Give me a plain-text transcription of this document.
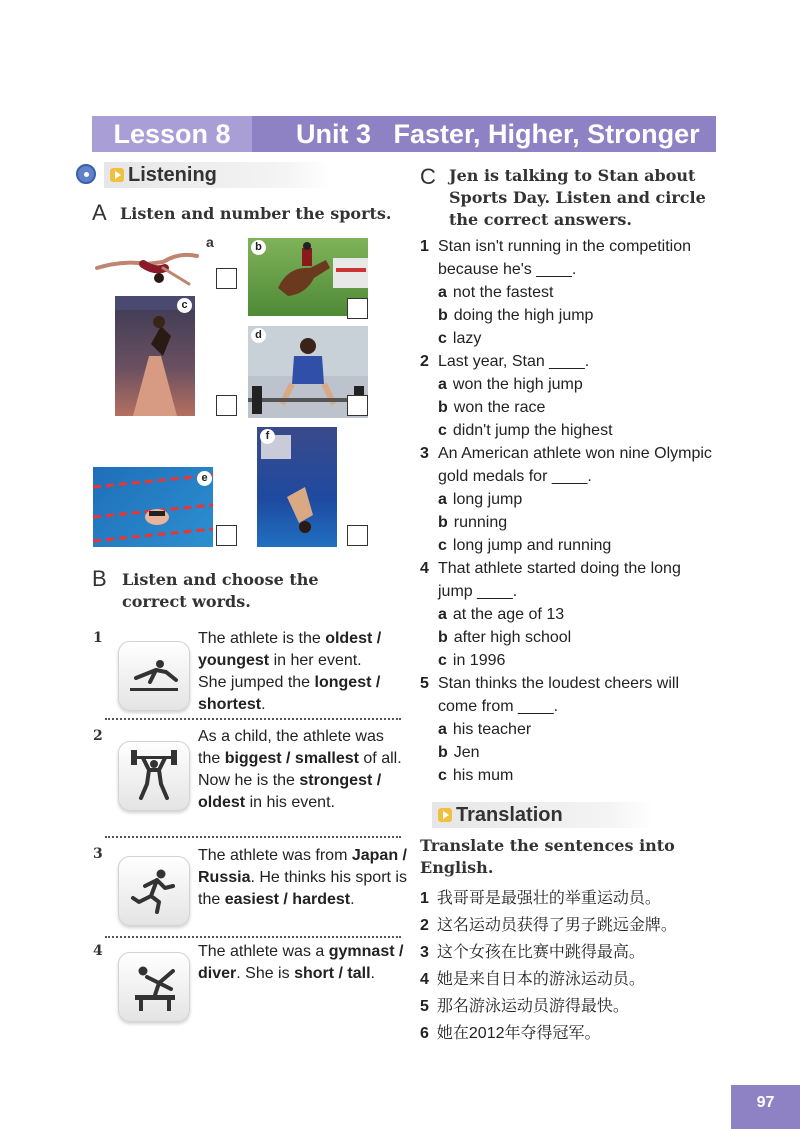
Lesson 8	Unit 3   Faster, Higher, Stronger
Listening
A Listen and number the sports.
a	b
c
d
e
f
B Listen and choose the correct words.
1	The athlete is the oldest /
youngest in her event.
She jumped the longest /
shortest.
2	As a child, the athlete was
the biggest / smallest of all.
Now he is the strongest /
oldest in his event.
3	The athlete was from Japan /
Russia. He thinks his sport is
the easiest / hardest.
4	The athlete was a gymnast /
diver. She is short / tall.
C Jen is talking to Stan about
Sports Day. Listen and circle
the correct answers.
1 Stan isn't running in the competition
because he's ____.
a not the fastest
b doing the high jump
c lazy
2 Last year, Stan ____.
a won the high jump
b won the race
c didn't jump the highest
3 An American athlete won nine Olympic
gold medals for ____.
a long jump
b running
c long jump and running
4 That athlete started doing the long
jump ____.
a at the age of 13
b after high school
c in 1996
5 Stan thinks the loudest cheers will
come from ____.
a his teacher
b Jen
c his mum
Translation
Translate the sentences into
English.
1 我哥哥是最强壮的举重运动员。
2 这名运动员获得了男子跳远金牌。
3 这个女孩在比赛中跳得最高。
4 她是来自日本的游泳运动员。
5 那名游泳运动员游得最快。
6 她在2012年夺得冠军。
97
